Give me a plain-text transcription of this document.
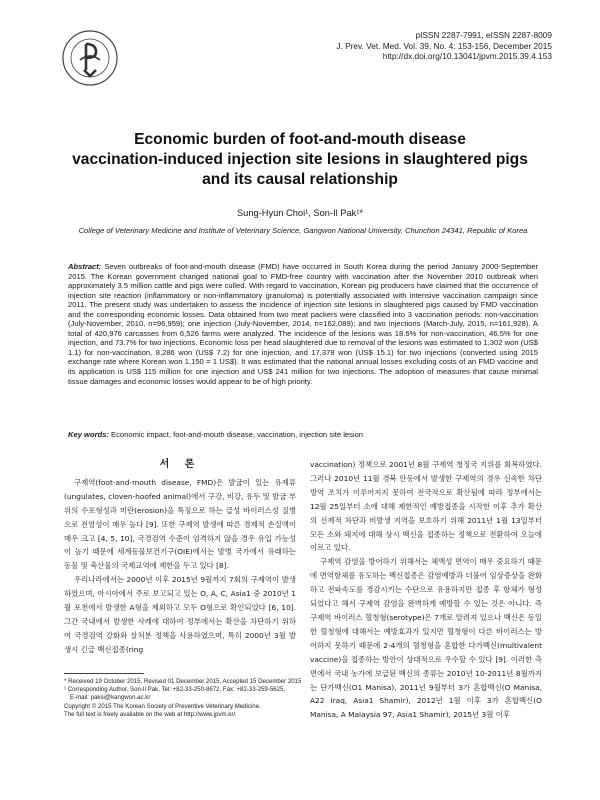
pISSN 2287-7991, eISSN 2287-8009
J. Prev. Vet. Med. Vol. 39, No. 4: 153-156, December 2015
http://dx.doi.org/10.13041/jpvm.2015.39.4.153
Economic burden of foot-and-mouth disease
vaccination-induced injection site lesions in slaughtered pigs
and its causal relationship
Sung-Hyun Choi¹, Son-Il Pak¹*
College of Veterinary Medicine and Institute of Veterinary Science, Gangwon National University, Chunchon 24341, Republic of Korea
Abstract: Seven outbreaks of foot-and-mouth disease (FMD) have occurred in South Korea during the period January 2000-September 2015. The Korean government changed national goal to FMD-free country with vaccination after the November 2010 outbreak when approximately 3.5 million cattle and pigs were culled. With regard to vaccination, Korean pig producers have claimed that the occurrence of injection site reaction (inflammatory or non-inflammatory granuloma) is potentially associated with intensive vaccination campaign since 2011. The present study was undertaken to assess the incidence of injection site lesions in slaughtered pigs caused by FMD vaccination and the corresponding economic losses. Data obtained from two meat packers were classified into 3 vaccination periods: non-vaccination (July-November, 2010, n=96,959); one injection (July-November, 2014, n=162,089); and two injections (March-July, 2015, n=161,928). A total of 420,976 carcasses from 6,526 farms were analyzed. The incidence of the lesions was 18.6% for non-vaccination, 46.5% for one injection, and 73.7% for two injections. Economic loss per head slaughtered due to removal of the lesions was estimated to 1,302 won (US$ 1.1) for non-vaccination, 8,286 won (US$ 7.2) for one injection, and 17,378 won (US$ 15.1) for two injections (converted using 2015 exchange rate where Korean won 1,150 = 1 US$). It was estimated that the national annual losses excluding costs of an FMD vaccine and its application is US$ 115 million for one injection and US$ 241 million for two injections. The adoption of measures that cause minimal tissue damages and economic losses would appear to be of high priority.
Key words: Economic impact, foot-and-mouth disease, vaccination, injection site lesion
서 론

구제역(foot-and-mouth disease, FMD)은 발굽이 있는 유제류(ungulates, cloven-hoofed animal)에서 구강, 비강, 유두 및 발굽 부위의 수포형성과 미란(erosion)을 특징으로 하는 급성 바이러스성 질병으로 전염성이 매우 높다 [9]. 또한 구제역 발생에 따른 경제적 손실액이 매우 크고 [4, 5, 10], 국경검역 수준이 엄격하지 않을 경우 유입 가능성이 높기 때문에 세계동물보건기구(OIE)에서는 발병 국가에서 유래하는 동물 및 축산물의 국제교역에 제한을 두고 있다 [8].

우리나라에서는 2000년 이후 2015년 9월까지 7회의 구제역이 발생하였으며, 아시아에서 주로 보고되고 있는 O, A, C, Asia1 중 2010년 1월 포천에서 발생한 A형을 제외하고 모두 O형으로 확인되었다 [6, 10]. 그간 국내에서 발생한 사례에 대하여 정부에서는 확산을 차단하기 위하여 국경검역 강화와 살처분 정책을 사용하였으며, 특히 2000년 3월 발생시 긴급 백신접종(ring

vaccination) 정책으로 2001년 8월 구제역 청정국 지위를 회복하였다. 그러나 2010년 11월 경북 안동에서 발생한 구제역의 경우 신속한 차단방역 조치가 이루어지지 못하여 전국적으로 확산됨에 따라 정부에서는 12월 25일부터 소에 대해 제한적인 예방접종을 시작한 이후 추가 확산의 선제적 차단과 비발생 지역을 보호하기 위해 2011년 1월 13일부터 모든 소와 돼지에 대해 상시 백신을 접종하는 정책으로 전환하여 오늘에 이르고 있다.

구제역 감염을 방어하기 위해서는 체액성 면역이 매우 중요하기 때문에 면역항체를 유도하는 백신접종은 감염예방과 더불어 임상증상을 완화하고 전파속도를 경감시키는 수단으로 유용하지만 접종 후 항체가 형성되었다고 해서 구제역 감염을 완벽하게 예방할 수 있는 것은 아니다. 즉 구제역 바이러스 혈청형(serotype)은 7개로 알려져 있으나 백신은 동일한 혈청형에 대해서는 예방효과가 있지만 혈청형이 다른 바이러스는 방어하지 못하기 때문에 2-4개의 혈청형을 혼합한 다가백신(multivalent vaccine)을 접종하는 방안이 상대적으로 우수할 수 있다 [9]. 이러한 측면에서 국내 농가에 보급된 백신의 종류는 2010년 10-2011년 8월까지는 단가백신(O1 Manisa), 2011년 9월부터 3가 혼합백신(O Manisa, A22 Iraq, Asia1 Shamir), 2012년 1월 이후 3가 혼합백신(O Manisa, A Malaysia 97, Asia1 Shamir), 2015년 3월 이후

* Received 19 October 2015, Revised 01 December 2015, Accepted 15 December 2015
¹ Corresponding Author. Son-Il Pak, Tel: +82-33-250-8672, Fax: +82-33-259-5625,
E-mail: paksi@kangwon.ac.kr
Copyright © 2015 The Korean Society of Preventive Veterinary Medicine.
The full text is freely available on the web at http://www.jpvm.kr/.
